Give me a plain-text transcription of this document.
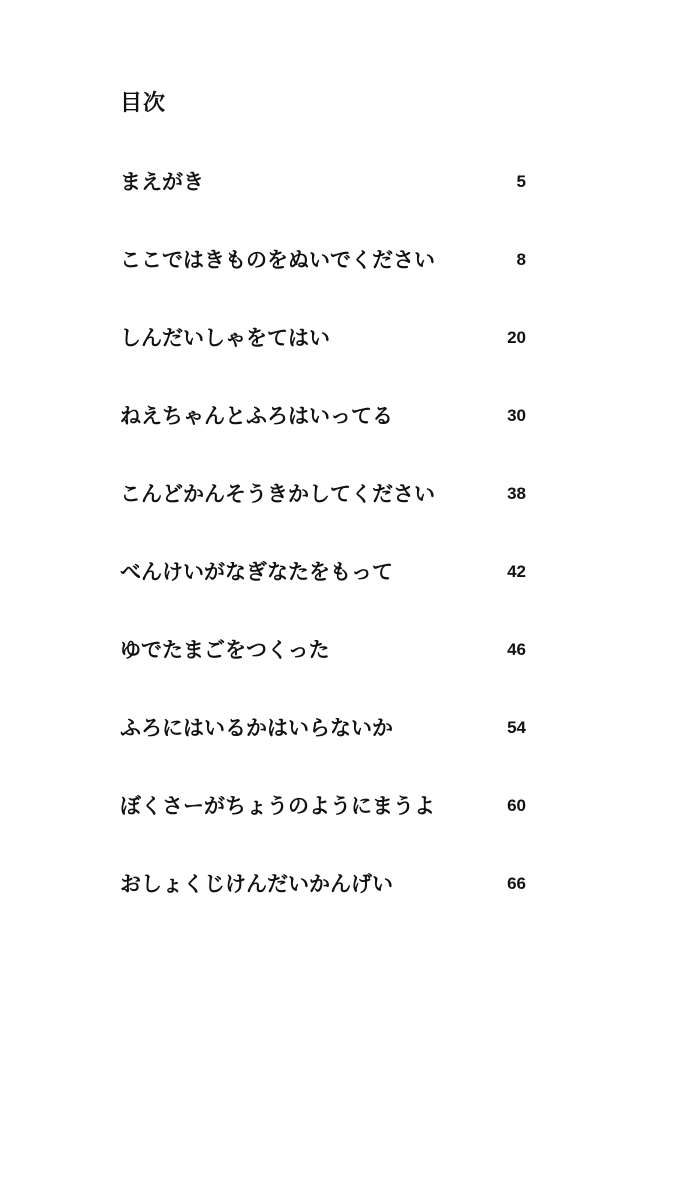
目次
まえがき	5
ここではきものをぬいでください	8
しんだいしゃをてはい	20
ねえちゃんとふろはいってる	30
こんどかんそうきかしてください	38
べんけいがなぎなたをもって	42
ゆでたまごをつくった	46
ふろにはいるかはいらないか	54
ぼくさーがちょうのようにまうよ	60
おしょくじけんだいかんげい	66
